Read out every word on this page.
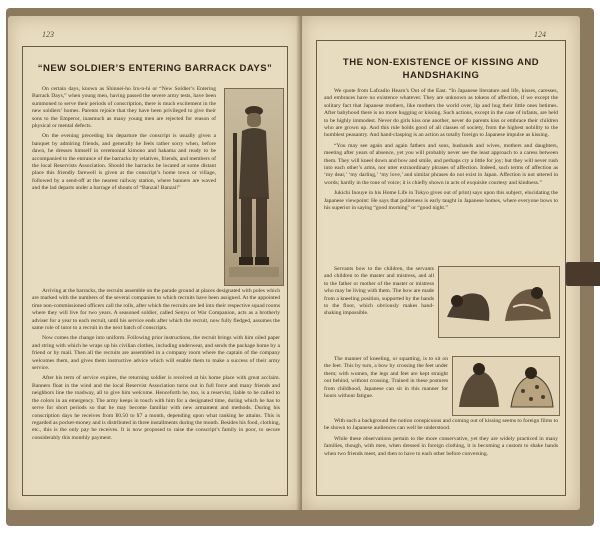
123
“NEW SOLDIER’S ENTERING BARRACK DAYS”

On certain days, known as Shinnei-ho Iru-n-hi or “New Soldier’s Entering Barrack Days,” when young men, having passed the severe army tests, have been summoned to serve their periods of conscription, there is much excitement in the new soldiers’ homes. Parents rejoice that they have been privileged to give their sons to the Emperor, inasmuch as many young men are rejected for reason of physical or mental defects.

On the evening preceding his departure the conscript is usually given a banquet by admiring friends, and generally he feels rather sorry when, before dawn, he dresses himself in ceremonial kimono and hakama and ready to be accompanied to the entrance of the barracks by relatives, friends, and members of the local Reservists Association. Should the barracks be located at some distant place this friendly farewell is given at the conscript’s home town or village, followed by a send-off at the nearest railway station, where banners are waved and the lad departs under a barrage of shouts of “Banzai! Banzai!”

Arriving at the barracks, the recruits assemble on the parade ground at places designated with poles which are marked with the numbers of the several companies to which recruits have been assigned. At the appointed time non-commissioned officers call the rolls, after which the recruits are led into their respective squad rooms where they will live for two years. A seasoned soldier, called Senyu or War Companion, acts as a brotherly adviser for a year to each recruit, until his service ends after which the recruit, now fully fledged, assumes the same role of tutor to a recruit in the next batch of conscripts.

Now comes the change into uniform. Following prior instructions, the recruit brings with him oiled paper and string with which he wraps up his civilian clothes, including underwear, and sends the package home by a friend or by mail. Then all the recruits are assembled in a company room where the captain of the company welcomes them, and gives them instructive advice which will enable them to make a success of their army service.

After his term of service expires, the returning soldier is received at his home place with great acclaim. Banners float in the wind and the local Reservist Association turns out in full force and many friends and neighbors line the roadway, all to give him welcome. Henceforth he, too, is a reservist, liable to be called to the colors in an emergency. The army keeps in touch with him for a designated time, during which he has to serve for short periods so that he may become familiar with new armament and methods. During his conscription days he receives from ¥0.50 to ¥7 a month, depending upon what ranking he attains. This is regarded as pocket-money and is distributed in three installments during the month. Besides his food, clothing, etc., this is the only pay he receives. It is now proposed to raise the conscript’s family in poor, to secure considerably this monthly payment.

124
THE NON-EXISTENCE OF KISSING AND
HANDSHAKING

We quote from Lafcadio Hearn’s Out of the East. “In Japanese literature and life, kisses, caresses, and embraces have no existence whatever. They are unknown as tokens of affection, if we except the solitary fact that Japanese mothers, like mothers the world over, lip and hug their little ones betimes. After babyhood there is no more hugging or kissing. Such actions, except in the case of infants, are held to be highly immodest. Never do girls kiss one another, never do parents kiss or embrace their children who are grown up. And this rule holds good of all classes of society, from the highest nobility to the humblest peasantry. And hand-clasping is an action as totally foreign to Japanese impulse as kissing.

“You may see again and again fathers and sons, husbands and wives, mothers and daughters, meeting after years of absence, yet you will probably never see the least approach to a caress between them. They will kneel down and bow and smile, and perhaps cry a little for joy; but they will never rush into each other’s arms, nor utter extraordinary phrases of affection. Indeed, such terms of affection as ‘my dear,’ ‘my darling,’ ‘my love,’ and similar phrases do not exist in Japan. Affection is not uttered in words; hardly in the tone of voice; it is chiefly shown in acts of exquisite courtesy and kindness.”

Jukichi Inouye in his Home Life in Tokyo gives out of print) says upon this subject, elucidating the Japanese viewpoint: He says that politeness is early taught in Japanese homes, where everyone bows to his superior in saying “good morning” or “good night.”

Servants bow to the children, the servants and children to the master and mistress, and all to the father or mother of the master or mistress who may be living with them. The bow are made from a kneeling position, supported by the hands to the floor, which obviously makes hand-shaking impossible.

The manner of kneeling, or squatting, is to sit on the feet. This by turn, a bow by crossing the feet under them; with women, the legs and feet are kept straight out behind, without crossing. Trained in these postures from childhood, Japanese can sit in this manner for hours without fatigue.

With such a background the notion conspicuous and coming out of kissing seems to foreign films to be shown to Japanese audiences can well be understood.

While these observations pertain to the more conservative, yet they are widely practiced in many families, though, with men, when dressed in foreign clothing, it is becoming a custom to shake hands when two friends meet, and then to have to each other before conversing.
